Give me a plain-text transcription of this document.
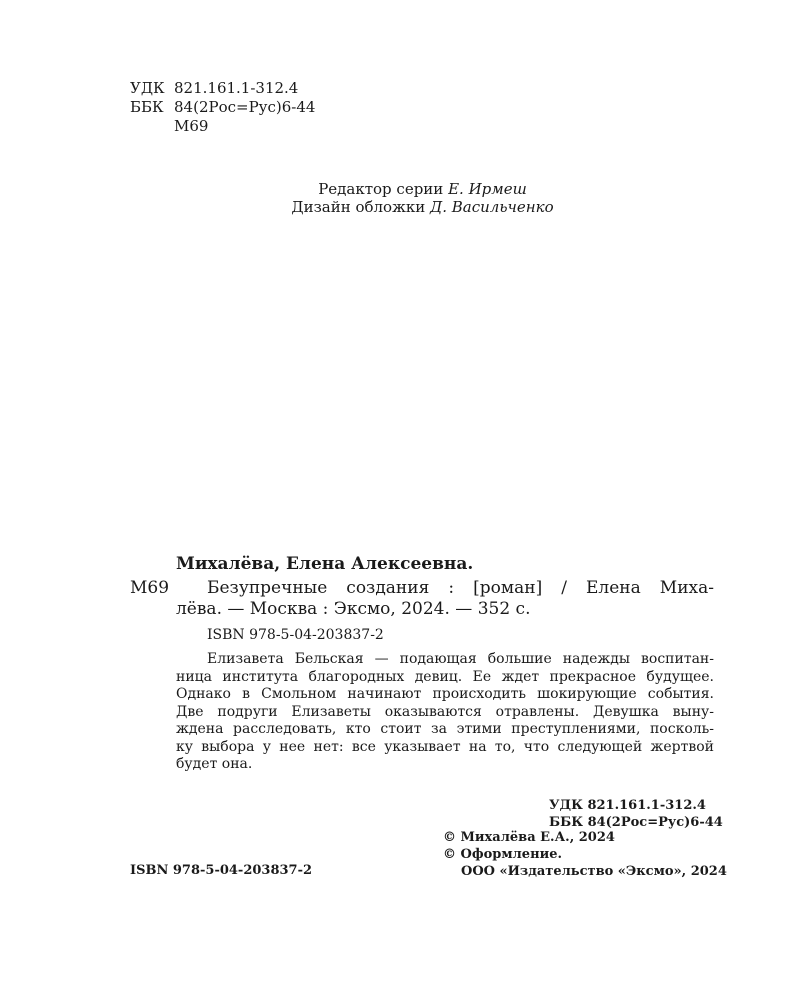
УДК 821.161.1-312.4
ББК 84(2Рос=Рус)6-44
М69
Редактор серии Е. Ирмеш
Дизайн обложки Д. Васильченко
Михалёва, Елена Алексеевна.
М69 Безупречные создания : [роман] / Елена Миха-
лёва. — Москва : Эксмо, 2024. — 352 с.
ISBN 978-5-04-203837-2
Елизавета Бельская — подающая большие надежды воспитан-
ница института благородных девиц. Ее ждет прекрасное будущее.
Однако в Смольном начинают происходить шокирующие события.
Две подруги Елизаветы оказываются отравлены. Девушка выну-
ждена расследовать, кто стоит за этими преступлениями, посколь-
ку выбора у нее нет: все указывает на то, что следующей жертвой
будет она.
УДК 821.161.1-312.4
ББК 84(2Рос=Рус)6-44
© Михалёва Е.А., 2024
© Оформление.
ООО «Издательство «Эксмо», 2024
ISBN 978-5-04-203837-2
